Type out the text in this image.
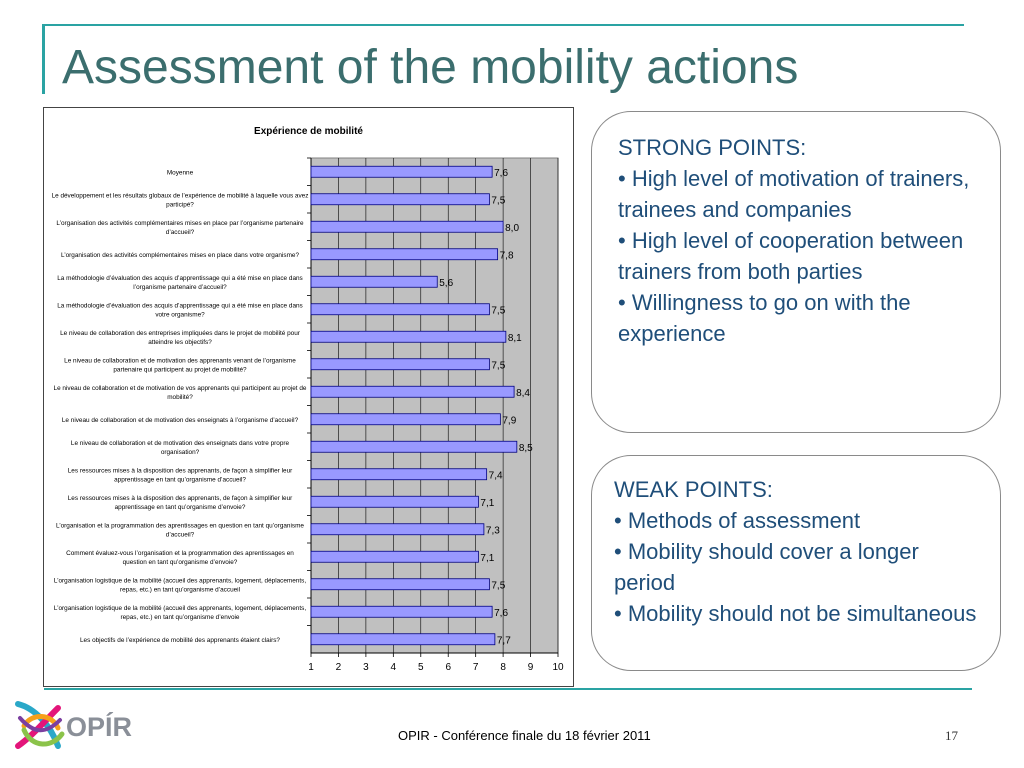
Assessment of the mobility actions
Expérience de mobilité
1 2 3 4 5 6 7 8 9 10
7,6
Moyenne
7,5
Le développement et les résultats globaux de l’expérience de mobilité à laquelle vous avez participé?
8,0
L’organisation des activités complémentaires mises en place par l’organisme partenaire d’accueil?
7,8
L’organisation des activités complémentaires mises en place dans votre organisme?
5,6
La méthodologie d’évaluation des acquis d’apprentissage qui a été mise en place dans l’organisme partenaire d’accueil?
7,5
La méthodologie d’évaluation des acquis d’apprentissage qui a été mise en place dans votre organisme?
8,1
Le niveau de collaboration des entreprises impliquées dans le projet de mobilité pour atteindre les objectifs?
7,5
Le niveau de collaboration et de motivation des apprenants venant de l’organisme partenaire qui participent au projet de mobilité?
8,4
Le niveau de collaboration et de motivation de vos apprenants qui participent au projet de mobilité?
7,9
Le niveau de collaboration et de motivation des enseignats à l’organisme d’accueil?
8,5
Le niveau de collaboration et de motivation des enseignats dans votre propre organisation?
7,4
Les ressources mises à la disposition des apprenants, de façon à simplifier leur apprentissage en tant qu’organisme d’accueil?
7,1
Les ressources mises à la disposition des apprenants, de façon à simplifier leur apprentissage en tant qu’organisme d’envoie?
7,3
L’organisation et la programmation des aprentissages en question en tant qu’organisme d’accueil?
7,1
Comment évaluez-vous l’organisation et la programmation des aprentissages en question en tant qu’organisme d’envoie?
7,5
L’organisation logistique de la mobilité (accueil des apprenants, logement, déplacements, repas, etc.) en tant qu’organisme d’accueil
7,6
L’organisation logistique de la mobilité (accueil des apprenants, logement, déplacements, repas, etc.) en tant qu’organisme d’envoie
7,7
Les objectifs de l’expérience de mobilité des apprenants étaient clairs?

STRONG POINTS:

• High level of motivation of trainers, trainees and companies

• High level of cooperation between trainers from both parties

• Willingness to go on with the experience

WEAK POINTS:

• Methods of assessment

• Mobility should cover a longer period

• Mobility should not be simultaneous

OPÍR	OPIR - Conférence finale du 18 février 2011	17
